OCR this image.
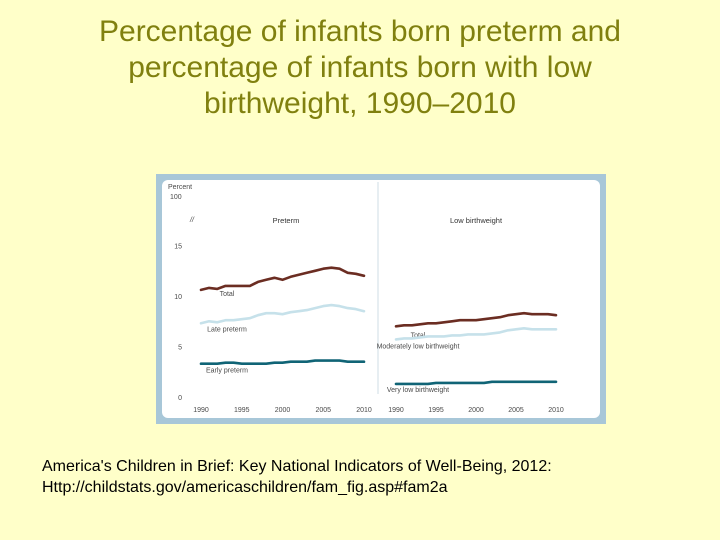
Percentage of infants born preterm and
percentage of infants born with low
birthweight, 1990–2010
Preterm
1990	1995	2000	2005	2010
Total
Late preterm
Early preterm
Low birthweight
1990	1995	2000	2005	2010
Total
Moderately low birthweight
Very low birthweight
Percent
100
//
0
5
10
15
America's Children in Brief: Key National Indicators of Well-Being, 2012:
Http://childstats.gov/americaschildren/fam_fig.asp#fam2a
